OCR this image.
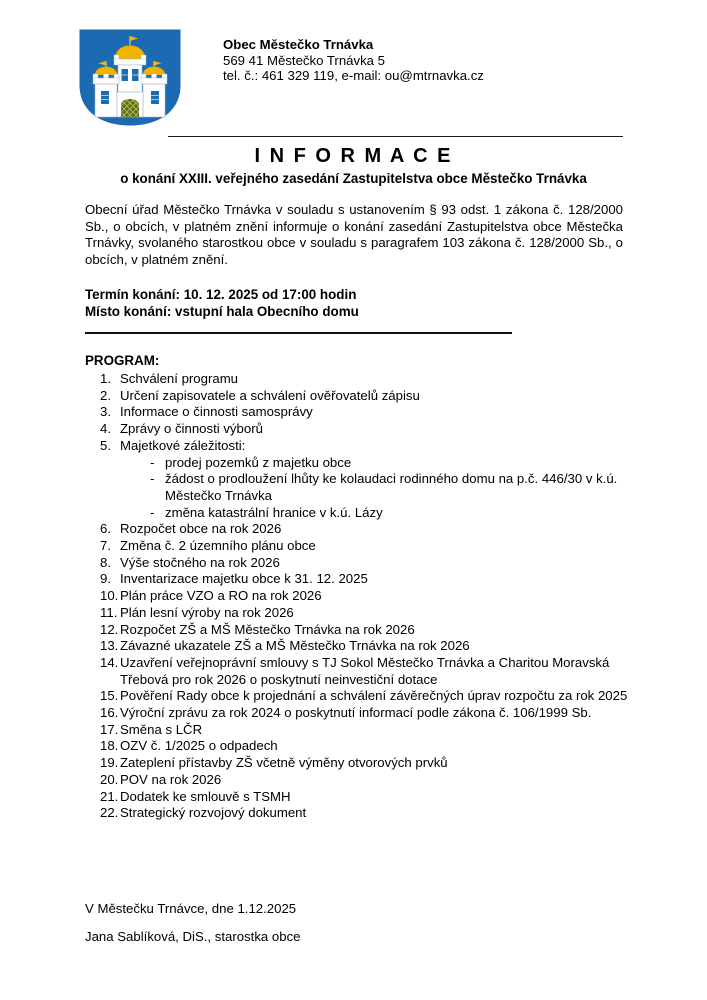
Obec Městečko Trnávka
569 41 Městečko Trnávka 5
tel. č.: 461 329 119, e-mail: ou@mtrnavka.cz
I N F O R M A C E
o konání XXIII. veřejného zasedání Zastupitelstva obce Městečko Trnávka

Obecní úřad Městečko Trnávka v souladu s ustanovením § 93 odst. 1 zákona č. 128/2000 Sb., o obcích, v platném znění informuje o konání zasedání Zastupitelstva obce Městečka Trnávky, svolaného starostkou obce v souladu s paragrafem 103 zákona č. 128/2000 Sb., o obcích, v platném znění.

Termín konání: 10. 12. 2025 od 17:00 hodin
Místo konání: vstupní hala Obecního domu
PROGRAM:
1. Schválení programu
2. Určení zapisovatele a schválení ověřovatelů zápisu
3. Informace o činnosti samosprávy
4. Zprávy o činnosti výborů
5. Majetkové záležitosti:
- prodej pozemků z majetku obce
- žádost o prodloužení lhůty ke kolaudaci rodinného domu na p.č. 446/30 v k.ú. Městečko Trnávka
- změna katastrální hranice v k.ú. Lázy
6. Rozpočet obce na rok 2026
7. Změna č. 2 územního plánu obce
8. Výše stočného na rok 2026
9. Inventarizace majetku obce k 31. 12. 2025
10. Plán práce VZO a RO na rok 2026
11. Plán lesní výroby na rok 2026
12. Rozpočet ZŠ a MŠ Městečko Trnávka na rok 2026
13. Závazné ukazatele ZŠ a MŠ Městečko Trnávka na rok 2026
14. Uzavření veřejnoprávní smlouvy s TJ Sokol Městečko Trnávka a Charitou Moravská Třebová pro rok 2026 o poskytnutí neinvestiční dotace
15. Pověření Rady obce k projednání a schválení závěrečných úprav rozpočtu za rok 2025
16. Výroční zprávu za rok 2024 o poskytnutí informací podle zákona č. 106/1999 Sb.
17. Směna s LČR
18. OZV č. 1/2025 o odpadech
19. Zateplení přístavby ZŠ včetně výměny otvorových prvků
20. POV na rok 2026
21. Dodatek ke smlouvě s TSMH
22. Strategický rozvojový dokument
V Městečku Trnávce, dne 1.12.2025
Jana Sablíková, DiS., starostka obce
